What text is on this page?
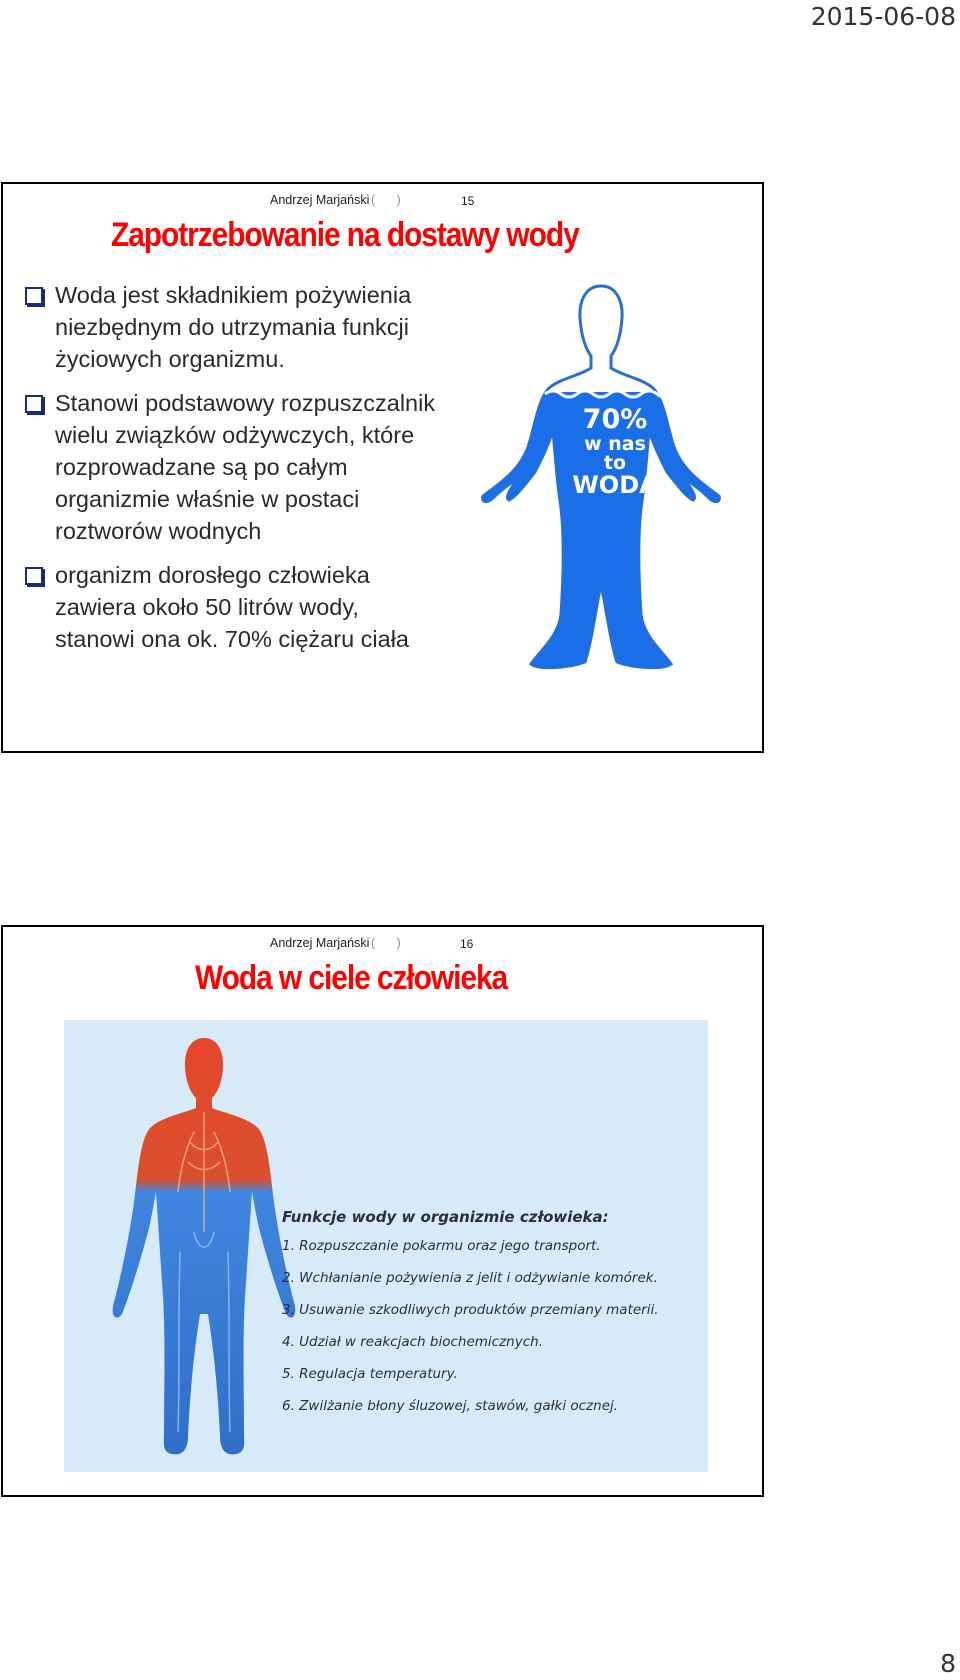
2015-06-08
Andrzej Marjański ( )	15
Zapotrzebowanie na dostawy wody
Woda jest składnikiem pożywienia
niezbędnym do utrzymania funkcji
życiowych organizmu.
Stanowi podstawowy rozpuszczalnik
wielu związków odżywczych, które
rozprowadzane są po całym
organizmie właśnie w postaci
roztworów wodnych
organizm dorosłego człowieka
zawiera około 50 litrów wody,
stanowi ona ok. 70% ciężaru ciała
70%
w nas
to
WODA
Andrzej Marjański ( )	16
Woda w ciele człowieka
Funkcje wody w organizmie człowieka:
1. Rozpuszczanie pokarmu oraz jego transport.
2. Wchłanianie pożywienia z jelit i odżywianie komórek.
3. Usuwanie szkodliwych produktów przemiany materii.
4. Udział w reakcjach biochemicznych.
5. Regulacja temperatury.
6. Zwilżanie błony śluzowej, stawów, gałki ocznej.
8
